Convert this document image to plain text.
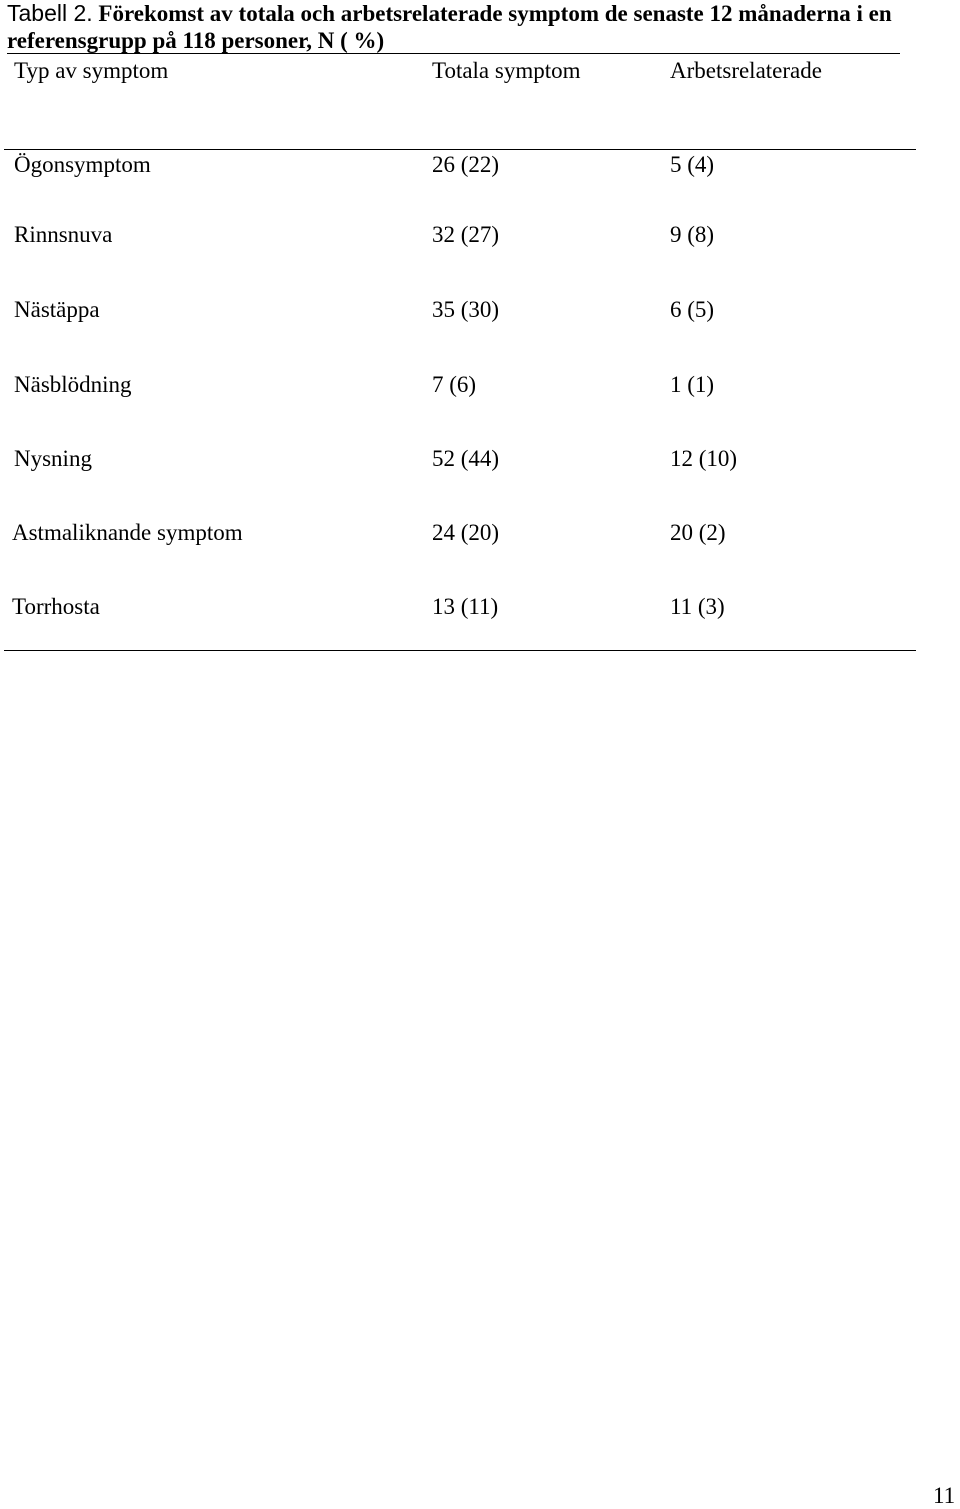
Tabell 2. Förekomst av totala och arbetsrelaterade symptom de senaste 12 månaderna i en referensgrupp på 118 personer, N ( %)
Typ av symptom	Totala symptom	Arbetsrelaterade
Ögonsymptom	26 (22)	5 (4)
Rinnsnuva	32 (27)	9 (8)
Nästäppa	35 (30)	6 (5)
Näsblödning	7 (6)	1 (1)
Nysning	52 (44)	12 (10)
Astmaliknande symptom	24 (20)	20 (2)
Torrhosta	13 (11)	11 (3)
11
